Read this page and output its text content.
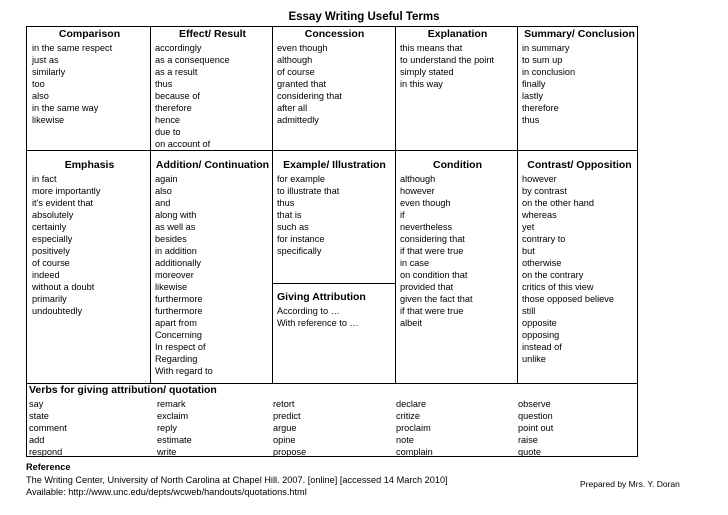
Essay Writing Useful Terms
Comparison
in the same respect
just as
similarly
too
also
in the same way
likewise
Effect/ Result
accordingly
as a consequence
as a result
thus
because of
therefore
hence
due to
on account of
Concession
even though
although
of course
granted that
considering that
after all
admittedly
Explanation
this means that
to understand the point
simply stated
in this way
Summary/ Conclusion
in summary
to sum up
in conclusion
finally
lastly
therefore
thus
Emphasis
in fact
more importantly
it's evident that
absolutely
certainly
especially
positively
of course
indeed
without a doubt
primarily
undoubtedly
Addition/ Continuation
again
also
and
along with
as well as
besides
in addition
additionally
moreover
likewise
furthermore
furthermore
apart from
Concerning
In respect of
Regarding
With regard to
Example/ Illustration
for example
to illustrate that
thus
that is
such as
for instance
specifically
Giving Attribution
According to …
With reference to …
Condition
although
however
even though
if
nevertheless
considering that
if that were true
in case
on condition that
provided that
given the fact that
if that were true
albeit
Contrast/ Opposition
however
by contrast
on the other hand
whereas
yet
contrary to
but
otherwise
on the contrary
critics of this view
those opposed believe
still
opposite
opposing
instead of
unlike
Verbs for giving attribution/ quotation
say
state
comment
add
respond
remark
exclaim
reply
estimate
write
retort
predict
argue
opine
propose
declare
critize
proclaim
note
complain
observe
question
point out
raise
quote
Reference
The Writing Center, University of North Carolina at Chapel Hill. 2007. [online] [accessed 14 March 2010]
Available: http://www.unc.edu/depts/wcweb/handouts/quotations.html
Prepared by Mrs. Y. Doran
